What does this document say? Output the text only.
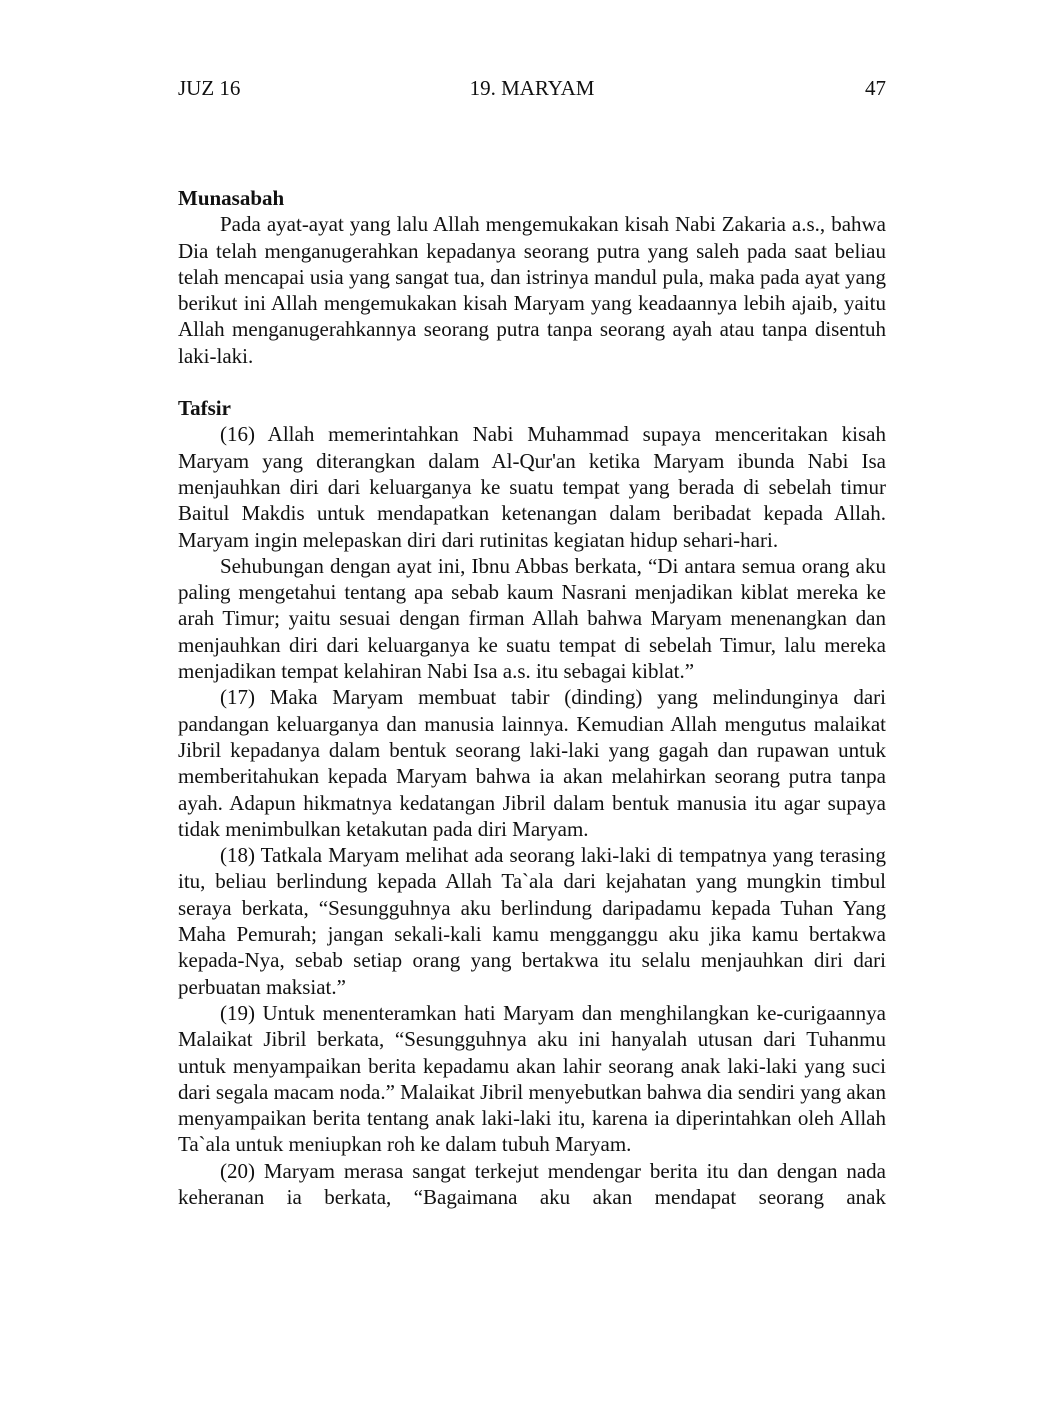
JUZ 16	19. MARYAM	47
Munasabah

Pada ayat-ayat yang lalu Allah mengemukakan kisah Nabi Zakaria a.s., bahwa Dia telah menganugerahkan kepadanya seorang putra yang saleh pada saat beliau telah mencapai usia yang sangat tua, dan istrinya mandul pula, maka pada ayat yang berikut ini Allah mengemukakan kisah Maryam yang keadaannya lebih ajaib, yaitu Allah menganugerahkannya seorang putra tanpa seorang ayah atau tanpa disentuh laki-laki.

Tafsir

(16) Allah memerintahkan Nabi Muhammad supaya menceritakan kisah Maryam yang diterangkan dalam Al-Qur'an ketika Maryam ibunda Nabi Isa menjauhkan diri dari keluarganya ke suatu tempat yang berada di sebelah timur Baitul Makdis untuk mendapatkan ketenangan dalam beribadat kepada Allah. Maryam ingin melepaskan diri dari rutinitas kegiatan hidup sehari-hari.

Sehubungan dengan ayat ini, Ibnu Abbas berkata, “Di antara semua orang aku paling mengetahui tentang apa sebab kaum Nasrani menjadikan kiblat mereka ke arah Timur; yaitu sesuai dengan firman Allah bahwa Maryam menenangkan dan menjauhkan diri dari keluarganya ke suatu tempat di sebelah Timur, lalu mereka menjadikan tempat kelahiran Nabi Isa a.s. itu sebagai kiblat.”

(17) Maka Maryam membuat tabir (dinding) yang melindunginya dari pandangan keluarganya dan manusia lainnya. Kemudian Allah mengutus malaikat Jibril kepadanya dalam bentuk seorang laki-laki yang gagah dan rupawan untuk memberitahukan kepada Maryam bahwa ia akan melahirkan seorang putra tanpa ayah. Adapun hikmatnya kedatangan Jibril dalam bentuk manusia itu agar supaya tidak menimbulkan ketakutan pada diri Maryam.

(18) Tatkala Maryam melihat ada seorang laki-laki di tempatnya yang terasing itu, beliau berlindung kepada Allah Ta`ala dari kejahatan yang mungkin timbul seraya berkata, “Sesungguhnya aku berlindung daripadamu kepada Tuhan Yang Maha Pemurah; jangan sekali-kali kamu mengganggu aku jika kamu bertakwa kepada-Nya, sebab setiap orang yang bertakwa itu selalu menjauhkan diri dari perbuatan maksiat.”

(19) Untuk menenteramkan hati Maryam dan menghilangkan ke-curigaannya Malaikat Jibril berkata, “Sesungguhnya aku ini hanyalah utusan dari Tuhanmu untuk menyampaikan berita kepadamu akan lahir seorang anak laki-laki yang suci dari segala macam noda.” Malaikat Jibril menyebutkan bahwa dia sendiri yang akan menyampaikan berita tentang anak laki-laki itu, karena ia diperintahkan oleh Allah Ta`ala untuk meniupkan roh ke dalam tubuh Maryam.

(20) Maryam merasa sangat terkejut mendengar berita itu dan dengan nada keheranan ia berkata, “Bagaimana aku akan mendapat seorang anak
